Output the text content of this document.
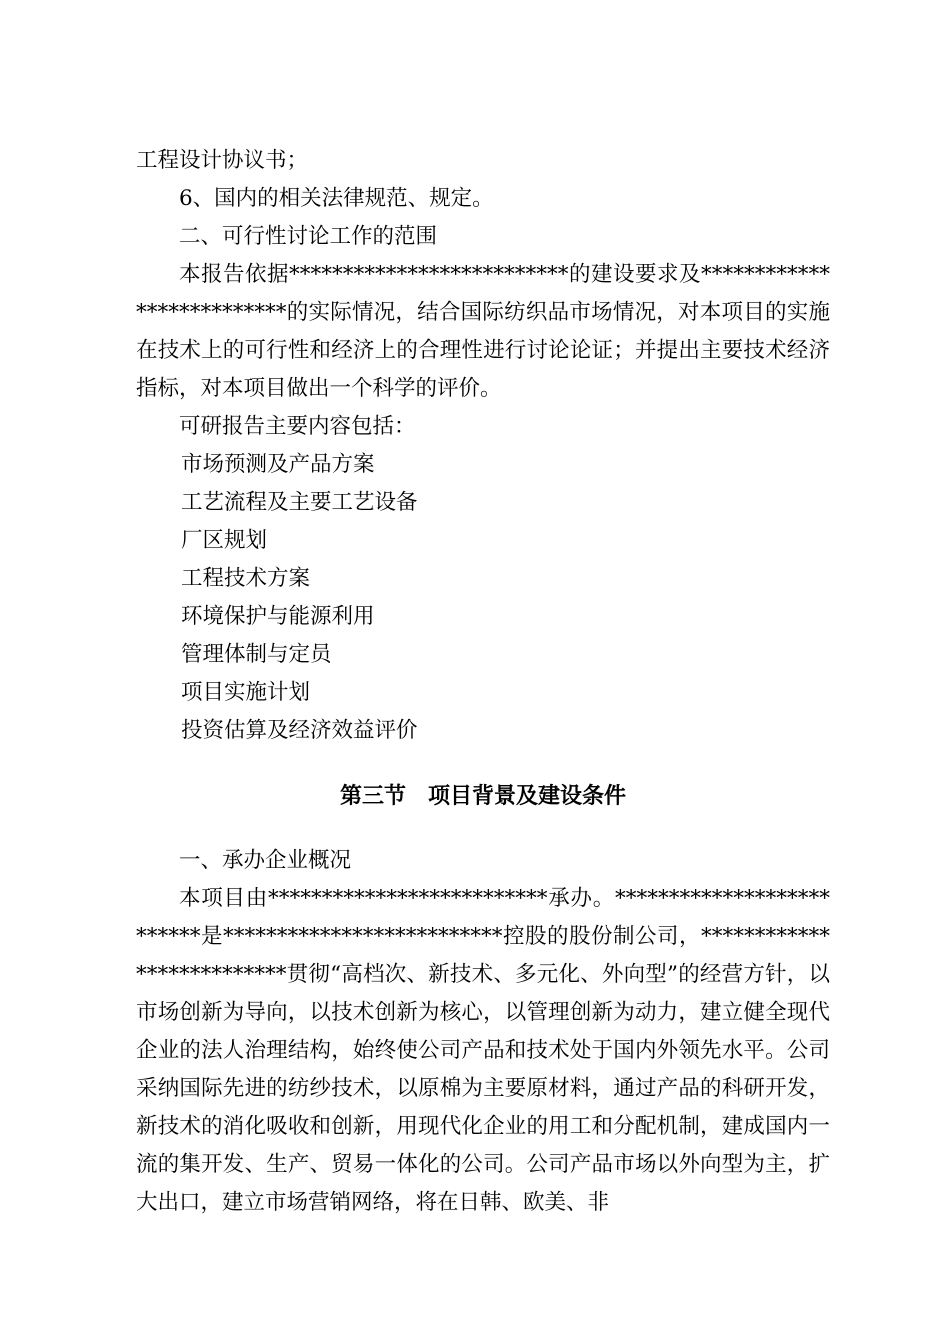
工程设计协议书；

6、国内的相关法律规范、规定。

二、可行性讨论工作的范围

本报告依据**************************的建设要求及**************************的实际情况，结合国际纺织品市场情况，对本项目的实施在技术上的可行性和经济上的合理性进行讨论论证；并提出主要技术经济指标，对本项目做出一个科学的评价。

可研报告主要内容包括：

市场预测及产品方案

工艺流程及主要工艺设备

厂区规划

工程技术方案

环境保护与能源利用

管理体制与定员

项目实施计划

投资估算及经济效益评价

第三节　项目背景及建设条件

一、承办企业概况

本项目由**************************承办。**************************是**************************控股的股份制公司，**************************贯彻“高档次、新技术、多元化、外向型”的经营方针，以市场创新为导向，以技术创新为核心，以管理创新为动力，建立健全现代企业的法人治理结构，始终使公司产品和技术处于国内外领先水平。公司采纳国际先进的纺纱技术，以原棉为主要原材料，通过产品的科研开发，新技术的消化吸收和创新，用现代化企业的用工和分配机制，建成国内一流的集开发、生产、贸易一体化的公司。公司产品市场以外向型为主，扩大出口，建立市场营销网络，将在日韩、欧美、非
